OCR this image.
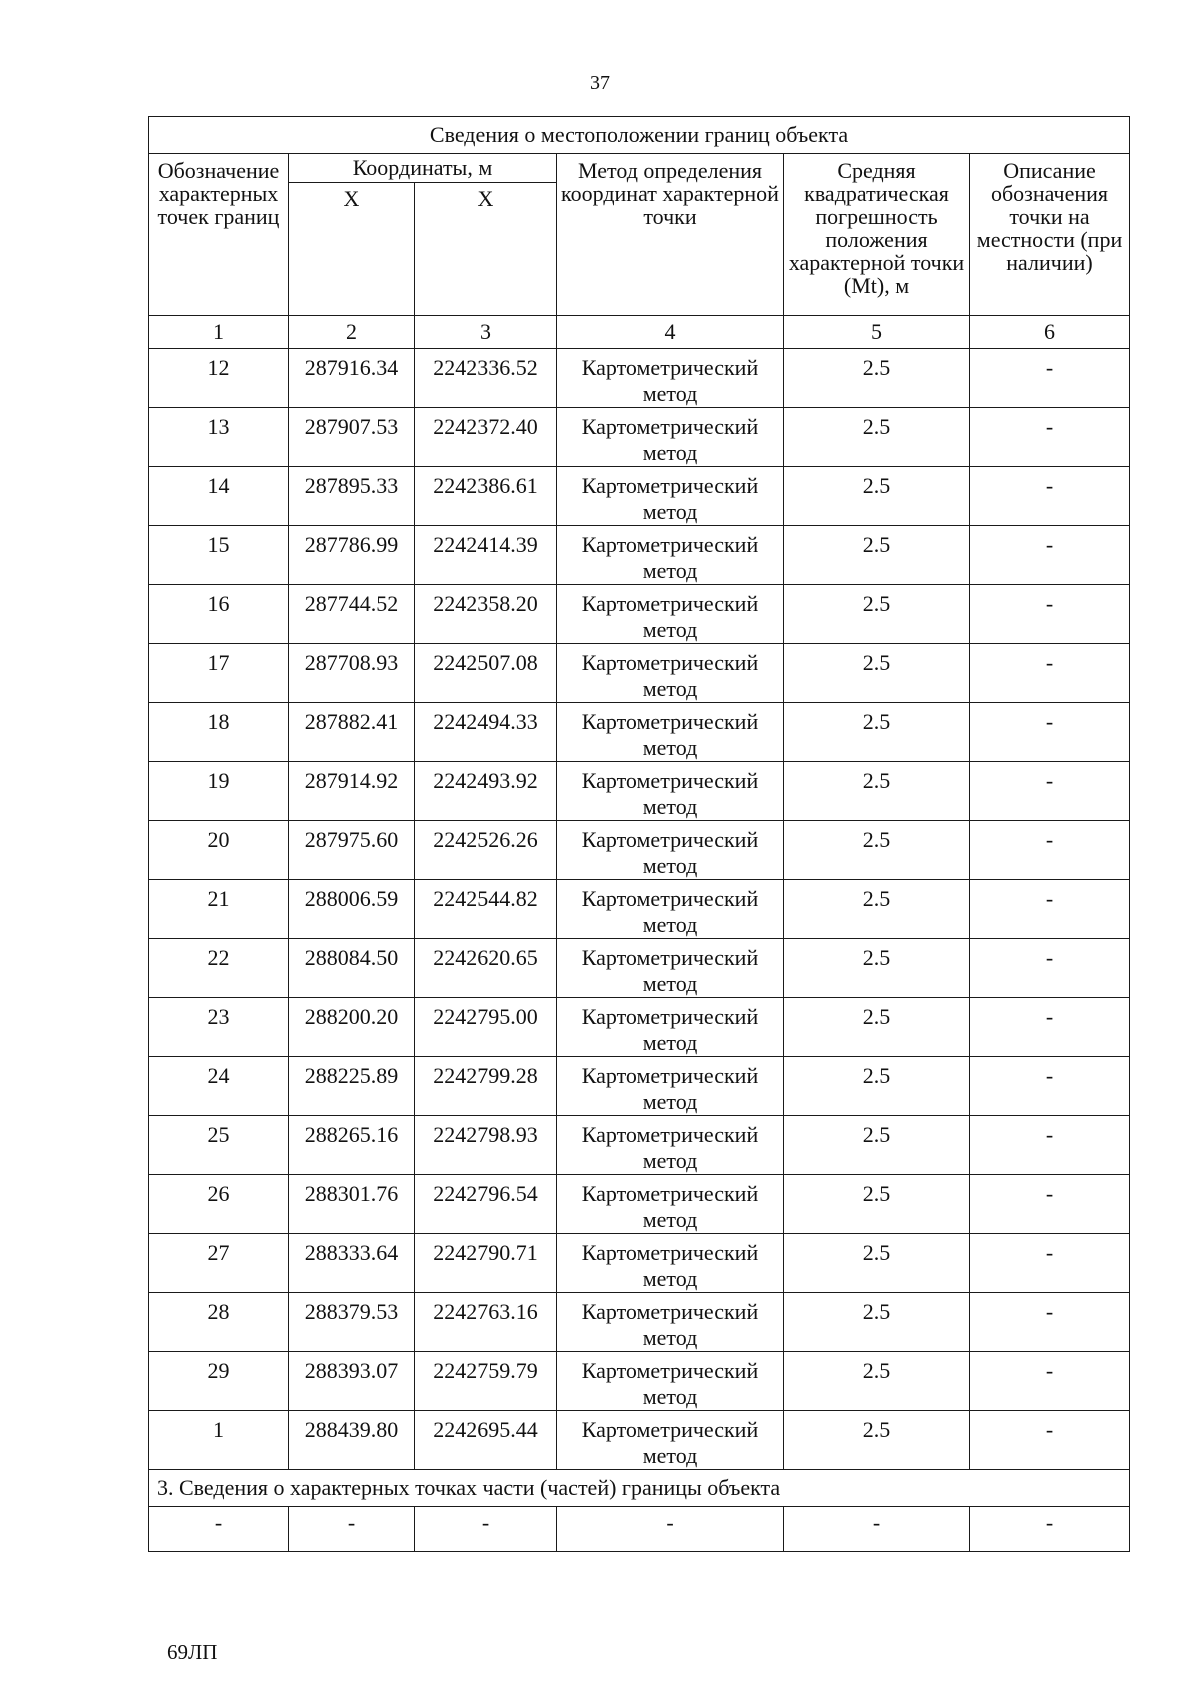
37
Сведения о местоположении границ объекта					
Обозначение характерных точек границ	Координаты, м		Метод определения координат характерной точки	Средняя квадратическая погрешность положения характерной точки (Mt), м	Описание обозначения точки на местности (при наличии)
	X	X			
1	2	3	4	5	6
12	287916.34	2242336.52	Картометрический метод	2.5	-
13	287907.53	2242372.40	Картометрический метод	2.5	-
14	287895.33	2242386.61	Картометрический метод	2.5	-
15	287786.99	2242414.39	Картометрический метод	2.5	-
16	287744.52	2242358.20	Картометрический метод	2.5	-
17	287708.93	2242507.08	Картометрический метод	2.5	-
18	287882.41	2242494.33	Картометрический метод	2.5	-
19	287914.92	2242493.92	Картометрический метод	2.5	-
20	287975.60	2242526.26	Картометрический метод	2.5	-
21	288006.59	2242544.82	Картометрический метод	2.5	-
22	288084.50	2242620.65	Картометрический метод	2.5	-
23	288200.20	2242795.00	Картометрический метод	2.5	-
24	288225.89	2242799.28	Картометрический метод	2.5	-
25	288265.16	2242798.93	Картометрический метод	2.5	-
26	288301.76	2242796.54	Картометрический метод	2.5	-
27	288333.64	2242790.71	Картометрический метод	2.5	-
28	288379.53	2242763.16	Картометрический метод	2.5	-
29	288393.07	2242759.79	Картометрический метод	2.5	-
1	288439.80	2242695.44	Картометрический метод	2.5	-
3. Сведения о характерных точках части (частей) границы объекта					
-	-	-	-	-	-
69ЛП
